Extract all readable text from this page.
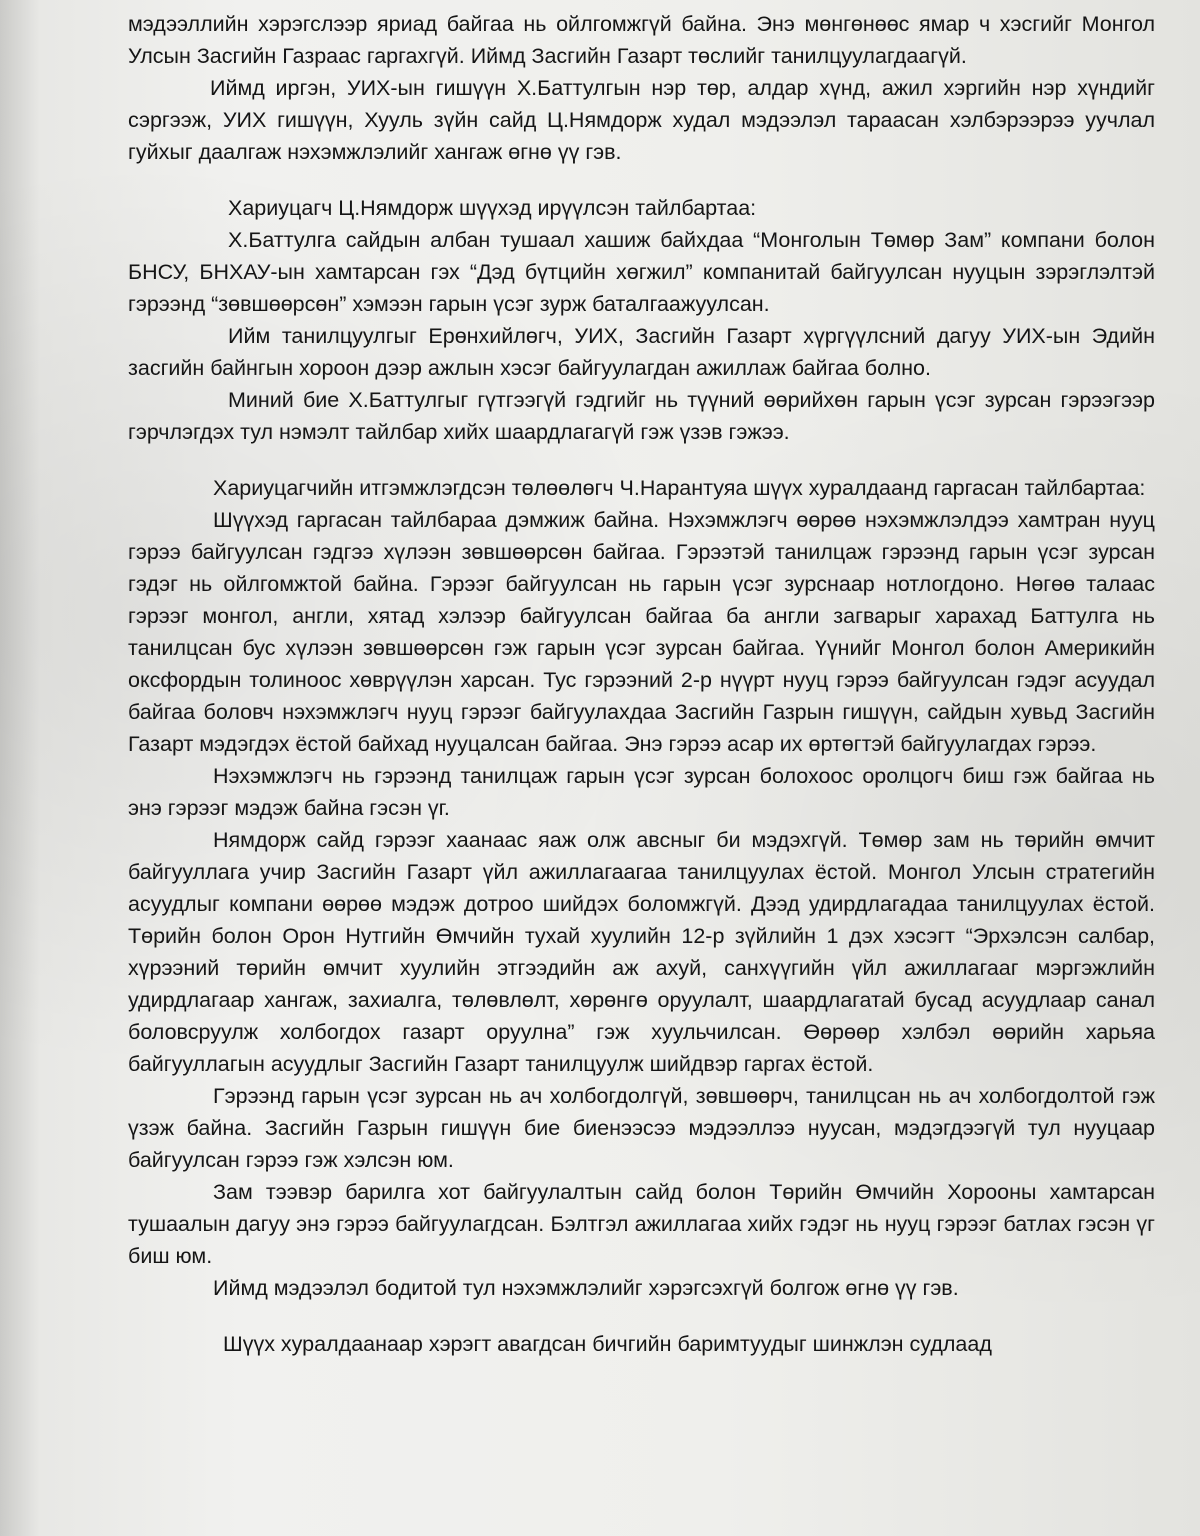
мэдээллийн хэрэгслээр яриад байгаа нь ойлгомжгүй байна. Энэ мөнгөнөөс ямар ч хэсгийг Монгол Улсын Засгийн Газраас гаргахгүй. Иймд Засгийн Газарт төслийг танилцуулагдаагүй.

Иймд иргэн, УИХ-ын гишүүн Х.Баттулгын нэр төр, алдар хүнд, ажил хэргийн нэр хүндийг сэргээж, УИХ гишүүн, Хууль зүйн сайд Ц.Нямдорж худал мэдээлэл тараасан хэлбэрээрээ уучлал гуйхыг даалгаж нэхэмжлэлийг хангаж өгнө үү гэв.

Хариуцагч Ц.Нямдорж шүүхэд ирүүлсэн тайлбартаа:

Х.Баттулга сайдын албан тушаал хашиж байхдаа “Монголын Төмөр Зам” компани болон БНСУ, БНХАУ-ын хамтарсан гэх “Дэд бүтцийн хөгжил” компанитай байгуулсан нууцын зэрэглэлтэй гэрээнд “зөвшөөрсөн” хэмээн гарын үсэг зурж баталгаажуулсан.

Ийм танилцуулгыг Ерөнхийлөгч, УИХ, Засгийн Газарт хүргүүлсний дагуу УИХ-ын Эдийн засгийн байнгын хороон дээр ажлын хэсэг байгуулагдан ажиллаж байгаа болно.

Миний бие Х.Баттулгыг гүтгээгүй гэдгийг нь түүний өөрийхөн гарын үсэг зурсан гэрээгээр гэрчлэгдэх тул нэмэлт тайлбар хийх шаардлагагүй гэж үзэв гэжээ.

Хариуцагчийн итгэмжлэгдсэн төлөөлөгч Ч.Нарантуяа шүүх хуралдаанд гаргасан тайлбартаа:

Шүүхэд гаргасан тайлбараа дэмжиж байна. Нэхэмжлэгч өөрөө нэхэмжлэлдээ хамтран нууц гэрээ байгуулсан гэдгээ хүлээн зөвшөөрсөн байгаа. Гэрээтэй танилцаж гэрээнд гарын үсэг зурсан гэдэг нь ойлгомжтой байна. Гэрээг байгуулсан нь гарын үсэг зурснаар нотлогдоно. Нөгөө талаас гэрээг монгол, англи, хятад хэлээр байгуулсан байгаа ба англи загварыг харахад Баттулга нь танилцсан бус хүлээн зөвшөөрсөн гэж гарын үсэг зурсан байгаа. Үүнийг Монгол болон Америкийн оксфордын толиноос хөврүүлэн харсан. Тус гэрээний 2-р нүүрт нууц гэрээ байгуулсан гэдэг асуудал байгаа боловч нэхэмжлэгч нууц гэрээг байгуулахдаа Засгийн Газрын гишүүн, сайдын хувьд Засгийн Газарт мэдэгдэх ёстой байхад нууцалсан байгаа. Энэ гэрээ асар их өртөгтэй байгуулагдах гэрээ.

Нэхэмжлэгч нь гэрээнд танилцаж гарын үсэг зурсан болохоос оролцогч биш гэж байгаа нь энэ гэрээг мэдэж байна гэсэн үг.

Нямдорж сайд гэрээг хаанаас яаж олж авсныг би мэдэхгүй. Төмөр зам нь төрийн өмчит байгууллага учир Засгийн Газарт үйл ажиллагаагаа танилцуулах ёстой. Монгол Улсын стратегийн асуудлыг компани өөрөө мэдэж дотроо шийдэх боломжгүй. Дээд удирдлагадаа танилцуулах ёстой. Төрийн болон Орон Нутгийн Өмчийн тухай хуулийн 12-р зүйлийн 1 дэх хэсэгт “Эрхэлсэн салбар, хүрээний төрийн өмчит хуулийн этгээдийн аж ахуй, санхүүгийн үйл ажиллагааг мэргэжлийн удирдлагаар хангаж, захиалга, төлөвлөлт, хөрөнгө оруулалт, шаардлагатай бусад асуудлаар санал боловсруулж холбогдох газарт оруулна” гэж хуульчилсан. Өөрөөр хэлбэл өөрийн харьяа байгууллагын асуудлыг Засгийн Газарт танилцуулж шийдвэр гаргах ёстой.

Гэрээнд гарын үсэг зурсан нь ач холбогдолгүй, зөвшөөрч, танилцсан нь ач холбогдолтой гэж үзэж байна. Засгийн Газрын гишүүн бие биенээсээ мэдээллээ нуусан, мэдэгдээгүй тул нууцаар байгуулсан гэрээ гэж хэлсэн юм.

Зам тээвэр барилга хот байгуулалтын сайд болон Төрийн Өмчийн Хорооны хамтарсан тушаалын дагуу энэ гэрээ байгуулагдсан. Бэлтгэл ажиллагаа хийх гэдэг нь нууц гэрээг батлах гэсэн үг биш юм.

Иймд мэдээлэл бодитой тул нэхэмжлэлийг хэрэгсэхгүй болгож өгнө үү гэв.

Шүүх хуралдаанаар хэрэгт авагдсан бичгийн баримтуудыг шинжлэн судлаад
